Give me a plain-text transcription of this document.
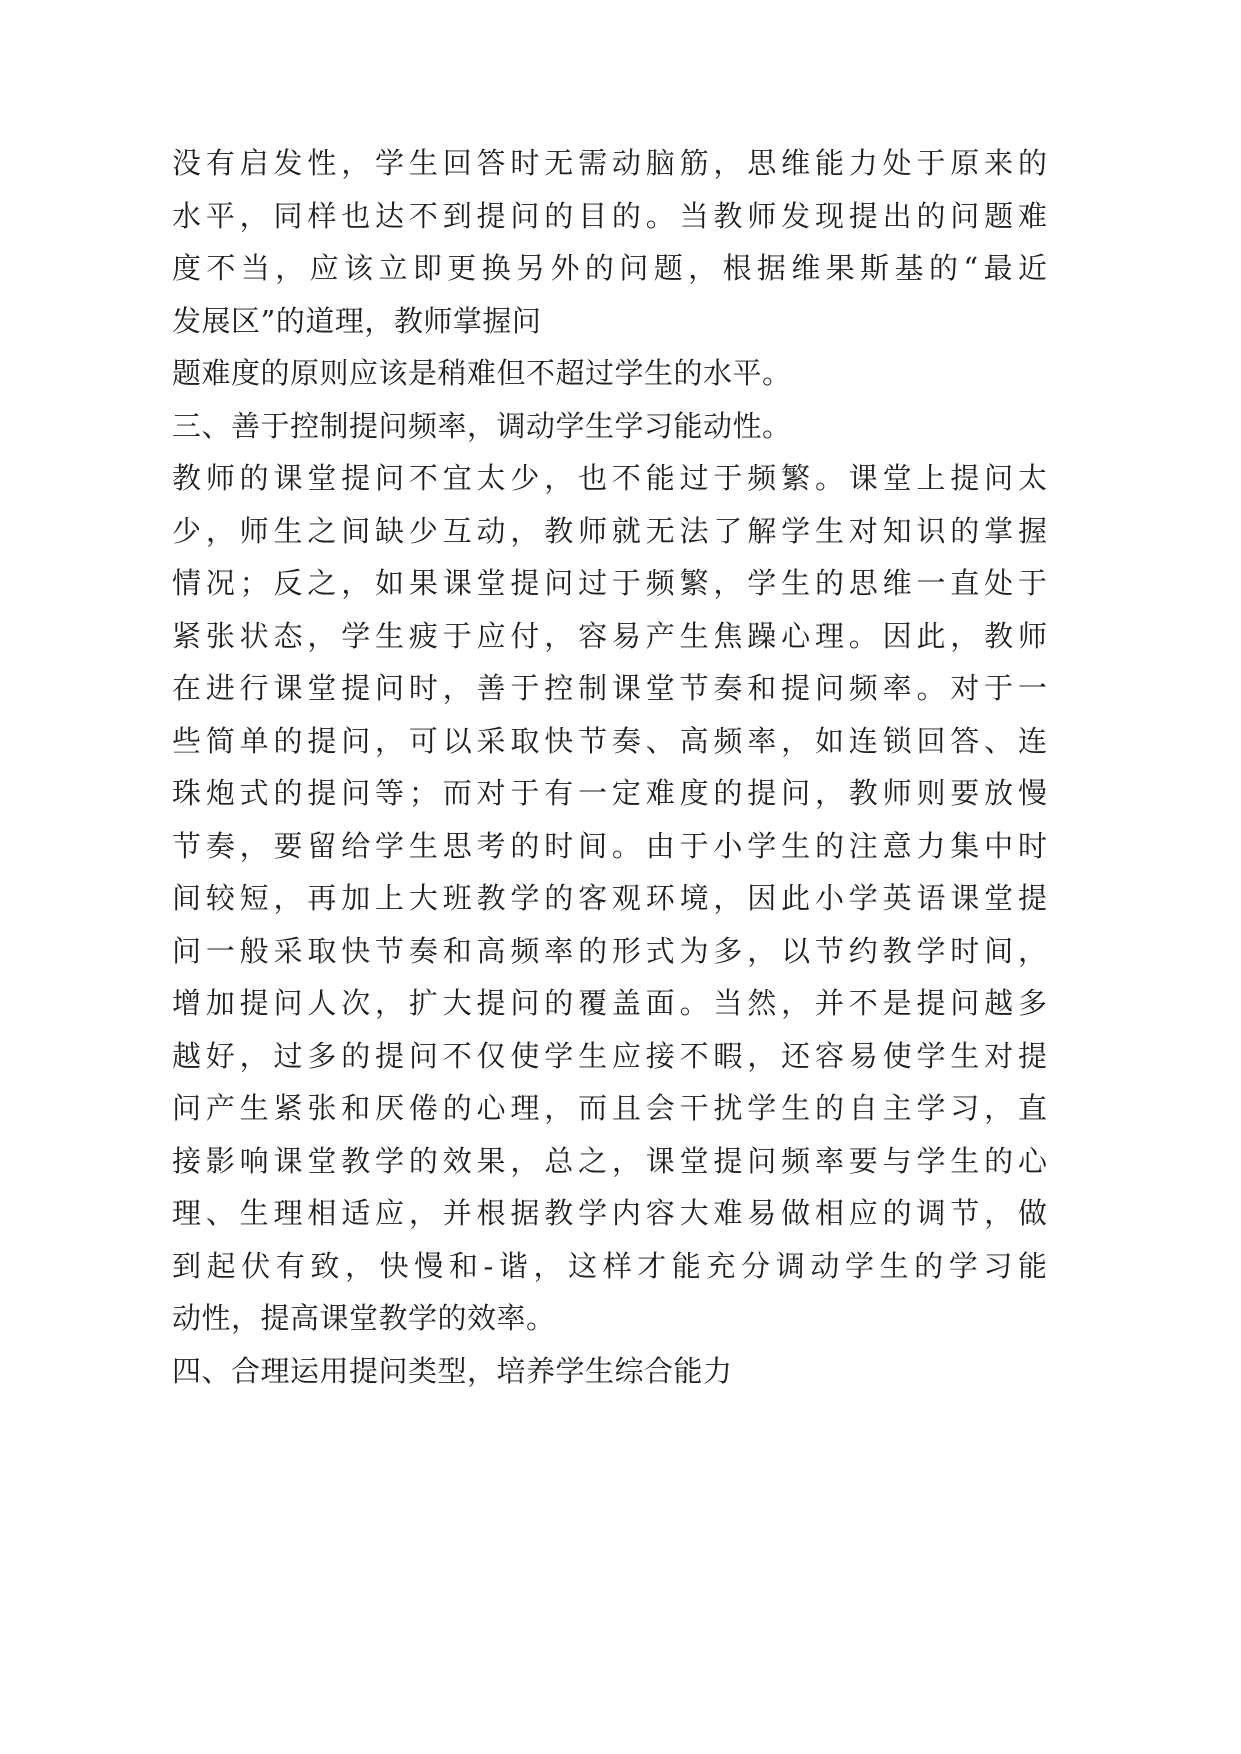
没有启发性，学生回答时无需动脑筋，思维能力处于原来的
水平，同样也达不到提问的目的。当教师发现提出的问题难
度不当，应该立即更换另外的问题，根据维果斯基的“最近
发展区”的道理，教师掌握问
题难度的原则应该是稍难但不超过学生的水平。
三、善于控制提问频率，调动学生学习能动性。
教师的课堂提问不宜太少，也不能过于频繁。课堂上提问太
少，师生之间缺少互动，教师就无法了解学生对知识的掌握
情况；反之，如果课堂提问过于频繁，学生的思维一直处于
紧张状态，学生疲于应付，容易产生焦躁心理。因此，教师
在进行课堂提问时，善于控制课堂节奏和提问频率。对于一
些简单的提问，可以采取快节奏、高频率，如连锁回答、连
珠炮式的提问等；而对于有一定难度的提问，教师则要放慢
节奏，要留给学生思考的时间。由于小学生的注意力集中时
间较短，再加上大班教学的客观环境，因此小学英语课堂提
问一般采取快节奏和高频率的形式为多，以节约教学时间，
增加提问人次，扩大提问的覆盖面。当然，并不是提问越多
越好，过多的提问不仅使学生应接不暇，还容易使学生对提
问产生紧张和厌倦的心理，而且会干扰学生的自主学习，直
接影响课堂教学的效果，总之，课堂提问频率要与学生的心
理、生理相适应，并根据教学内容大难易做相应的调节，做
到起伏有致，快慢和-谐，这样才能充分调动学生的学习能
动性，提高课堂教学的效率。
四、合理运用提问类型，培养学生综合能力
